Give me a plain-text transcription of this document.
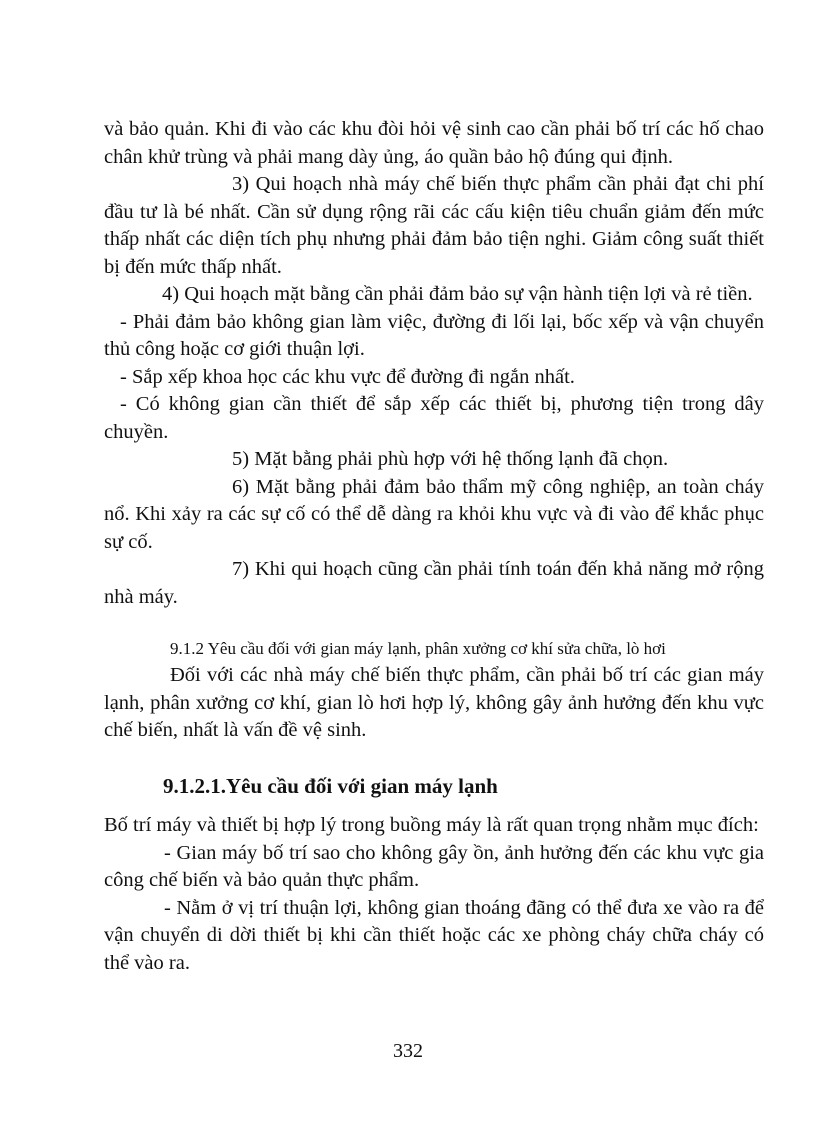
và bảo quản. Khi đi vào các khu đòi hỏi vệ sinh cao cần phải bố trí các hố chao chân khử trùng và phải mang dày ủng, áo quần bảo hộ đúng qui định.

3) Qui hoạch nhà máy chế biến thực phẩm cần phải đạt chi phí đầu tư là bé nhất. Cần sử dụng rộng rãi các cấu kiện tiêu chuẩn giảm đến mức thấp nhất các diện tích phụ nhưng phải đảm bảo tiện nghi. Giảm công suất thiết bị đến mức thấp nhất.

4) Qui hoạch mặt bằng cần phải đảm bảo sự vận hành tiện lợi và rẻ tiền.

- Phải đảm bảo không gian làm việc, đường đi lối lại, bốc xếp và vận chuyển thủ công hoặc cơ giới thuận lợi.

- Sắp xếp khoa học các khu vực để đường đi ngắn nhất.

- Có không gian cần thiết để sắp xếp các thiết bị, phương tiện trong dây chuyền.

5) Mặt bằng phải phù hợp với hệ thống lạnh đã chọn.

6) Mặt bằng phải đảm bảo thẩm mỹ công nghiệp, an toàn cháy nổ. Khi xảy ra các sự cố có thể dễ dàng ra khỏi khu vực và đi vào để khắc phục sự cố.

7) Khi qui hoạch cũng cần phải tính toán đến khả năng mở rộng nhà máy.

9.1.2 Yêu cầu đối với gian máy lạnh, phân xưởng cơ khí sửa chữa, lò hơi

Đối với các nhà máy chế biến thực phẩm, cần phải bố trí các gian máy lạnh, phân xưởng cơ khí, gian lò hơi hợp lý, không gây ảnh hưởng đến khu vực chế biến, nhất là vấn đề vệ sinh.

9.1.2.1.Yêu cầu đối với gian máy lạnh

Bố trí máy và thiết bị hợp lý trong buồng máy là rất quan trọng nhằm mục đích:

- Gian máy bố trí sao cho không gây ồn, ảnh hưởng đến các khu vực gia công chế biến và bảo quản thực phẩm.

- Nằm ở vị trí thuận lợi, không gian thoáng đãng có thể đưa xe vào ra để vận chuyển di dời thiết bị khi cần thiết hoặc các xe phòng cháy chữa cháy có thể vào ra.

332
